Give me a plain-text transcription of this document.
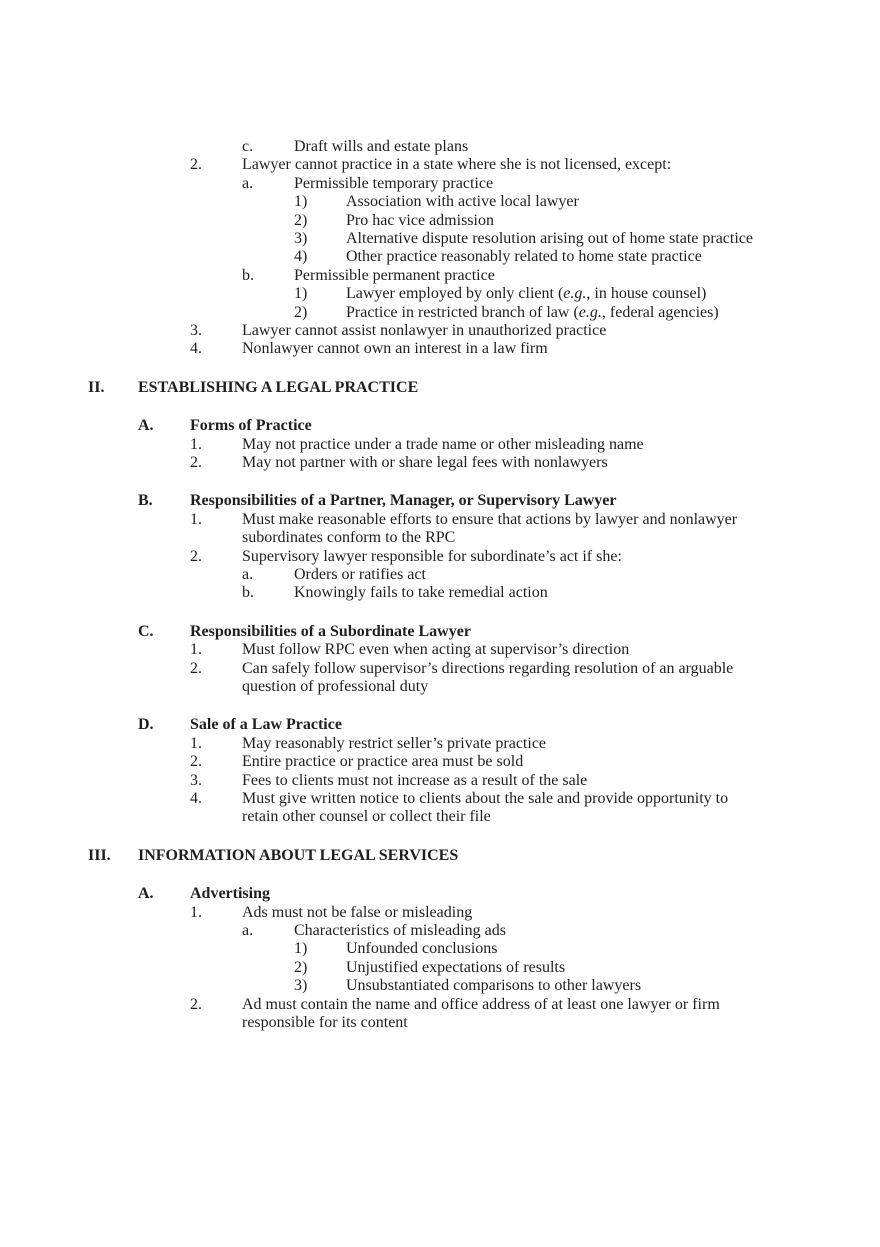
c.	Draft wills and estate plans
2.	Lawyer cannot practice in a state where she is not licensed, except:
a.	Permissible temporary practice
1) Association with active local lawyer
2) Pro hac vice admission
3) Alternative dispute resolution arising out of home state practice
4) Other practice reasonably related to home state practice
b.	Permissible permanent practice
1) Lawyer employed by only client (e.g., in house counsel)
2) Practice in restricted branch of law (e.g., federal agencies)
3.	Lawyer cannot assist nonlawyer in unauthorized practice
4.	Nonlawyer cannot own an interest in a law firm
II. ESTABLISHING A LEGAL PRACTICE
A. Forms of Practice
1.	May not practice under a trade name or other misleading name
2.	May not partner with or share legal fees with nonlawyers
B. Responsibilities of a Partner, Manager, or Supervisory Lawyer
1.	Must make reasonable efforts to ensure that actions by lawyer and nonlawyer
subordinates conform to the RPC
2.	Supervisory lawyer responsible for subordinate’s act if she:
a.	Orders or ratifies act
b.	Knowingly fails to take remedial action
C. Responsibilities of a Subordinate Lawyer
1.	Must follow RPC even when acting at supervisor’s direction
2.	Can safely follow supervisor’s directions regarding resolution of an arguable
question of professional duty
D. Sale of a Law Practice
1.	May reasonably restrict seller’s private practice
2.	Entire practice or practice area must be sold
3.	Fees to clients must not increase as a result of the sale
4.	Must give written notice to clients about the sale and provide opportunity to
retain other counsel or collect their file
III. INFORMATION ABOUT LEGAL SERVICES
A. Advertising
1.	Ads must not be false or misleading
a.	Characteristics of misleading ads
1) Unfounded conclusions
2) Unjustified expectations of results
3) Unsubstantiated comparisons to other lawyers
2.	Ad must contain the name and office address of at least one lawyer or firm
responsible for its content
